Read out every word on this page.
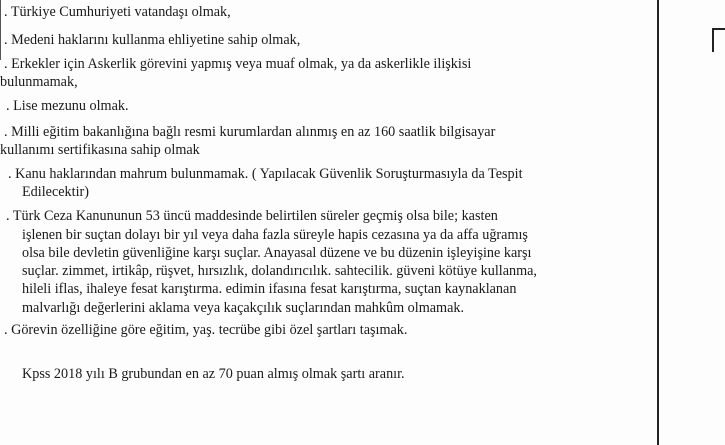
. Türkiye Cumhuriyeti vatandaşı olmak,
. Medeni haklarını kullanma ehliyetine sahip olmak,
. Erkekler için Askerlik görevini yapmış veya muaf olmak, ya da askerlikle ilişkisi
bulunmamak,
. Lise mezunu olmak.
. Milli eğitim bakanlığına bağlı resmi kurumlardan alınmış en az 160 saatlik bilgisayar
kullanımı sertifikasına sahip olmak
. Kanu haklarından mahrum bulunmamak. ( Yapılacak Güvenlik Soruşturmasıyla da Tespit
Edilecektir)
. Türk Ceza Kanununun 53 üncü maddesinde belirtilen süreler geçmiş olsa bile; kasten
işlenen bir suçtan dolayı bir yıl veya daha fazla süreyle hapis cezasına ya da affa uğramış
olsa bile devletin güvenliğine karşı suçlar. Anayasal düzene ve bu düzenin işleyişine karşı
suçlar. zimmet, irtikâp, rüşvet, hırsızlık, dolandırıcılık. sahtecilik. güveni kötüye kullanma,
hileli iflas, ihaleye fesat karıştırma. edimin ifasına fesat karıştırma, suçtan kaynaklanan
malvarlığı değerlerini aklama veya kaçakçılık suçlarından mahkûm olmamak.
. Görevin özelliğine göre eğitim, yaş. tecrübe gibi özel şartları taşımak.
Kpss 2018 yılı B grubundan en az 70 puan almış olmak şartı aranır.
